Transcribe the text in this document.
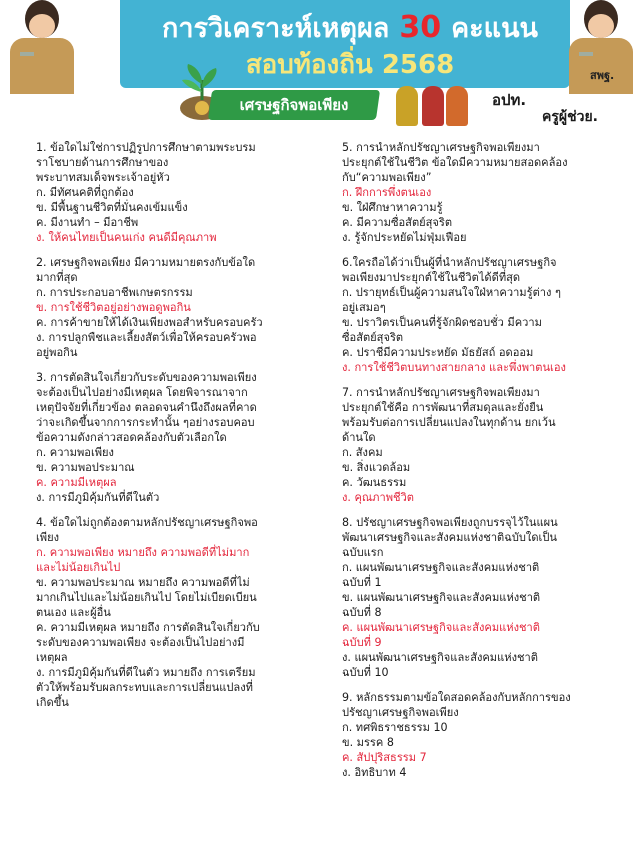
การวิเคราะห์เหตุผล 30 คะแนน
สอบท้องถิ่น 2568	สพฐ.
เศรษฐกิจพอเพียง	อปท.
ครูผู้ช่วย.

1. ข้อใดไม่ใช่การปฏิรูปการศึกษาตามพระบรม

ราโชบายด้านการศึกษาของ

พระบาทสมเด็จพระเจ้าอยู่หัว

ก. มีทัศนคติที่ถูกต้อง

ข. มีพื้นฐานชีวิตที่มั่นคงเข้มแข็ง

ค. มีงานทำ – มีอาชีพ

ง. ให้คนไทยเป็นคนเก่ง คนดีมีคุณภาพ

2. เศรษฐกิจพอเพียง มีความหมายตรงกับข้อใด

มากที่สุด

ก. การประกอบอาชีพเกษตรกรรม

ข. การใช้ชีวิตอยู่อย่างพอดูพอกิน

ค. การค้าขายให้ได้เงินเพียงพอสำหรับครอบครัว

ง. การปลูกพืชและเลี้ยงสัตว์เพื่อให้ครอบครัวพอ

อยู่พอกิน

3. การตัดสินใจเกี่ยวกับระดับของความพอเพียง

จะต้องเป็นไปอย่างมีเหตุผล โดยพิจารณาจาก

เหตุปัจจัยที่เกี่ยวข้อง ตลอดจนคำนึงถึงผลที่คาด

ว่าจะเกิดขึ้นจากการกระทำนั้น ๆอย่างรอบคอบ

ข้อความดังกล่าวสอดคล้องกับตัวเลือกใด

ก. ความพอเพียง

ข. ความพอประมาณ

ค. ความมีเหตุผล

ง. การมีภูมิคุ้มกันที่ดีในตัว

4. ข้อใดไม่ถูกต้องตามหลักปรัชญาเศรษฐกิจพอ

เพียง

ก. ความพอเพียง หมายถึง ความพอดีที่ไม่มาก

และไม่น้อยเกินไป

ข. ความพอประมาณ หมายถึง ความพอดีที่ไม่

มากเกินไปและไม่น้อยเกินไป โดยไม่เบียดเบียน

ตนเอง และผู้อื่น

ค. ความมีเหตุผล หมายถึง การตัดสินใจเกี่ยวกับ

ระดับของความพอเพียง จะต้องเป็นไปอย่างมี

เหตุผล

ง. การมีภูมิคุ้มกันที่ดีในตัว หมายถึง การเตรียม

ตัวให้พร้อมรับผลกระทบและการเปลี่ยนแปลงที่

เกิดขึ้น

5. การนำหลักปรัชญาเศรษฐกิจพอเพียงมา

ประยุกต์ใช้ในชีวิต ข้อใดมีความหมายสอดคล้อง

กับ“ความพอเพียง”

ก. ฝึกการพึ่งตนเอง

ข. ใฝ่ศึกษาหาความรู้

ค. มีความซื่อสัตย์สุจริต

ง. รู้จักประหยัดไม่ฟุ่มเฟือย

6.ใครถือได้ว่าเป็นผู้ที่นำหลักปรัชญาเศรษฐกิจ

พอเพียงมาประยุกต์ใช้ในชีวิตได้ดีที่สุด

ก. ปรายุทธ์เป็นผู้ความสนใจใฝ่หาความรู้ต่าง ๆ

อยู่เสมอๆ

ข. ปราวิตรเป็นคนที่รู้จักผิดชอบชั่ว มีความ

ซื่อสัตย์สุจริต

ค. ปราชีมีความประหยัด มัธยัสถ์ อดออม

ง. การใช้ชีวิตบนทางสายกลาง และพึ่งพาตนเอง

7. การนำหลักปรัชญาเศรษฐกิจพอเพียงมา

ประยุกต์ใช้คือ การพัฒนาที่สมดุลและยั่งยืน

พร้อมรับต่อการเปลี่ยนแปลงในทุกด้าน ยกเว้น

ด้านใด

ก. สังคม

ข. สิ่งแวดล้อม

ค. วัฒนธรรม

ง. คุณภาพชีวิต

8. ปรัชญาเศรษฐกิจพอเพียงถูกบรรจุไว้ในแผน

พัฒนาเศรษฐกิจและสังคมแห่งชาติฉบับใดเป็น

ฉบับแรก

ก. แผนพัฒนาเศรษฐกิจและสังคมแห่งชาติ

ฉบับที่ 1

ข. แผนพัฒนาเศรษฐกิจและสังคมแห่งชาติ

ฉบับที่ 8

ค. แผนพัฒนาเศรษฐกิจและสังคมแห่งชาติ

ฉบับที่ 9

ง. แผนพัฒนาเศรษฐกิจและสังคมแห่งชาติ

ฉบับที่ 10

9. หลักธรรมตามข้อใดสอดคล้องกับหลักการของ

ปรัชญาเศรษฐกิจพอเพียง

ก. ทศพิธราชธรรม 10

ข. มรรค 8

ค. สัปปุริสธรรม 7

ง. อิทธิบาท 4
